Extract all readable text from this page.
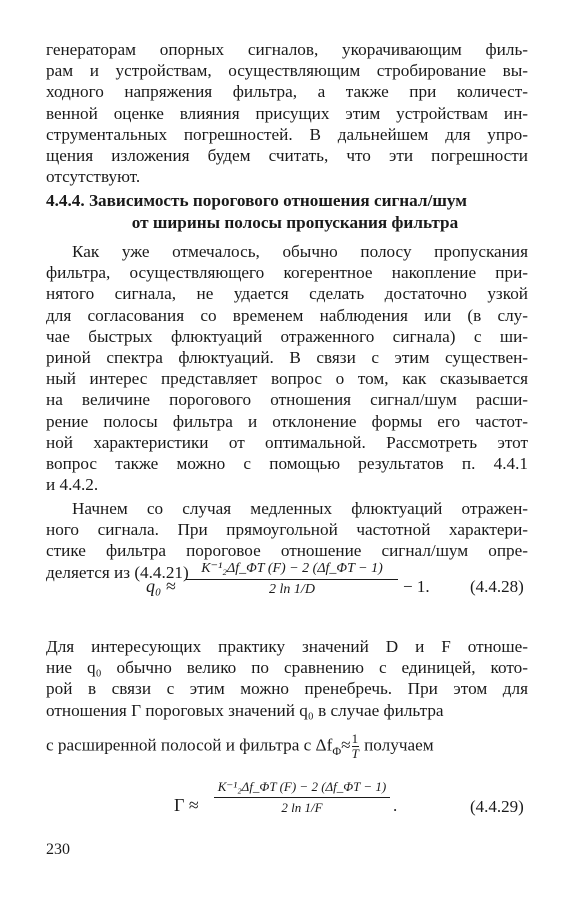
генераторам опорных сигналов, укорачивающим филь-
рам и устройствам, осуществляющим стробирование вы-
ходного напряжения фильтра, а также при количест-
венной оценке влияния присущих этим устройствам ин-
струментальных погрешностей. В дальнейшем для упро-
щения изложения будем считать, что эти погрешности
отсутствуют.
4.4.4. Зависимость порогового отношения сигнал/шум
от ширины полосы пропускания фильтра
Как уже отмечалось, обычно полосу пропускания
фильтра, осуществляющего когерентное накопление при-
нятого сигнала, не удается сделать достаточно узкой
для согласования со временем наблюдения или (в слу-
чае быстрых флюктуаций отраженного сигнала) с ши-
риной спектра флюктуаций. В связи с этим существен-
ный интерес представляет вопрос о том, как сказывается
на величине порогового отношения сигнал/шум расши-
рение полосы фильтра и отклонение формы его частот-
ной характеристики от оптимальной. Рассмотреть этот
вопрос также можно с помощью результатов п. 4.4.1
и 4.4.2.
Начнем со случая медленных флюктуаций отражен-
ного сигнала. При прямоугольной частотной характери-
стике фильтра пороговое отношение сигнал/шум опре-
деляется из (4.4.21)
q₀ ≈
K⁻¹₂Δf_ΦT (F) − 2 (Δf_ΦT − 1)
2 ln 1/D	− 1. (4.4.28)
Для интересующих практику значений D и F отноше-
ние q₀ обычно велико по сравнению с единицей, кото-
рой в связи с этим можно пренебречь. При этом для
отношения Γ пороговых значений q₀ в случае фильтра
с расширенной полосой и фильтра с $\Delta f_\Phi\approx\frac{1}{T}$ получаем
Γ ≈
K⁻¹₂Δf_ΦT (F) − 2 (Δf_ΦT − 1)
2 ln 1/F	.	(4.4.29)
230
